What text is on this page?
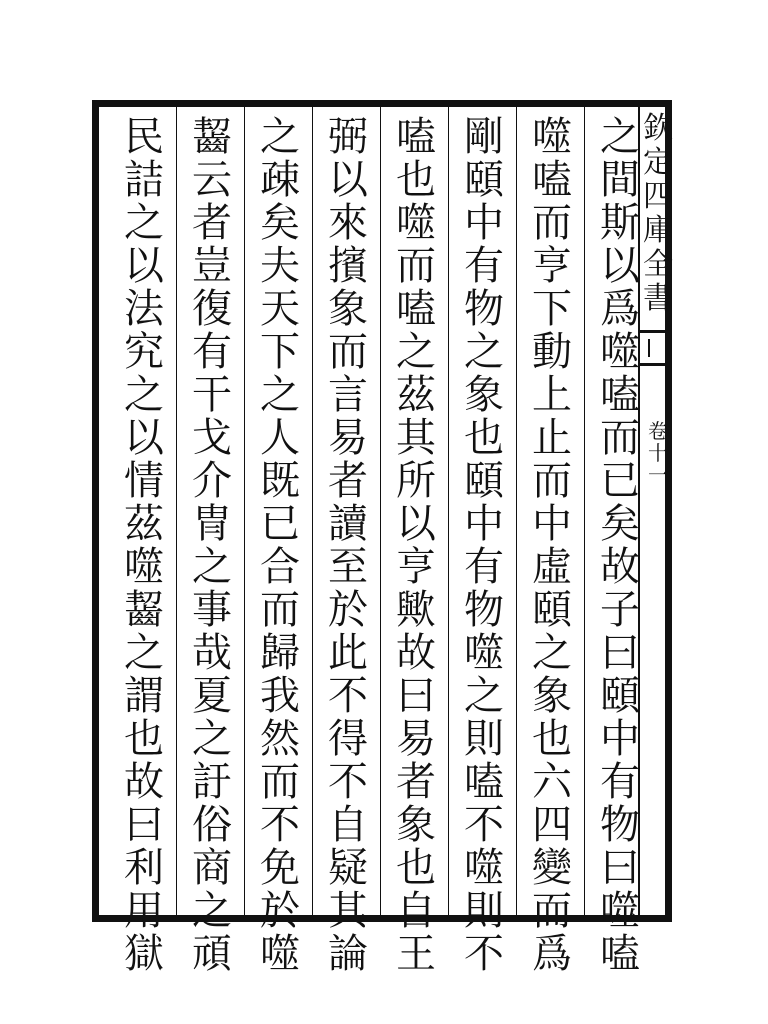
欽
定
四
庫
全
書
卷
十
一
之
間
斯
以
爲
噬
嗑
而
已
矣
故
子
曰
頤
中
有
物
曰
噬
嗑
噬
嗑
而
亨
下
動
上
止
而
中
虛
頤
之
象
也
六
四
變
而
爲
剛
頤
中
有
物
之
象
也
頤
中
有
物
噬
之
則
嗑
不
噬
則
不
嗑
也
噬
而
嗑
之
茲
其
所
以
亨
歟
故
曰
易
者
象
也
自
王
弼
以
來
擯
象
而
言
易
者
讀
至
於
此
不
得
不
自
疑
其
論
之
疎
矣
夫
天
下
之
人
既
已
合
而
歸
我
然
而
不
免
於
噬
齧
云
者
豈
復
有
干
戈
介
冑
之
事
哉
夏
之
訏
俗
商
之
頑
民
詰
之
以
法
究
之
以
情
茲
噬
齧
之
謂
也
故
曰
利
用
獄
